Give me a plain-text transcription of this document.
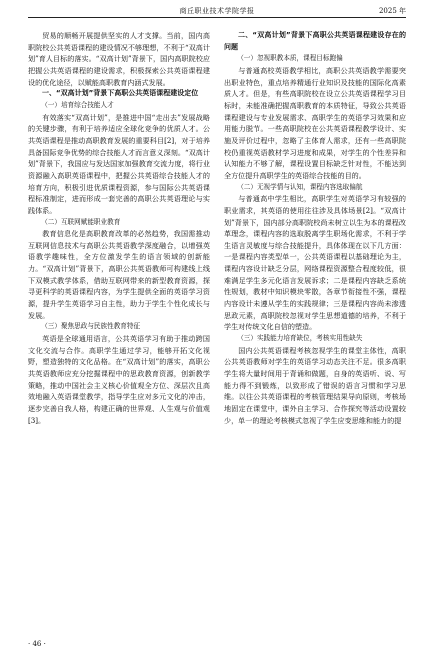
商丘职业技术学院学报	2025 年

贸易的顺畅开展提供坚实的人才支撑。当前，国内高职院校公共英语课程的建设情况不够理想，不利于“双高计划”育人目标的落实。“双高计划”背景下，国内高职院校应把握公共英语课程的建设需求，积极探索公共英语课程建设的优化途径，以赋能高职教育内涵式发展。

一、“双高计划”背景下高职公共英语课程建设定位

（一）培育综合技能人才

有效落实“双高计划”，是推进中国“走出去”发展战略的关键步骤，有利于培养适应全球化竞争的优质人才。公共英语课程是推动高职教育发展的重要科目[2]，对于培养具备国际竞争优势的综合技能人才而言意义深刻。“双高计划”背景下，我国应与发达国家加强教育交流力度，将行业资源融入高职英语课程中，把握公共英语综合技能人才的培育方向，积极引进优质课程资源，参与国际公共英语课程标准制定，进而形成一套完善的高职公共英语理论与实践体系。

（二）互联网赋能职业教育

教育信息化是高职教育改革的必然趋势，我国需推动互联网信息技术与高职公共英语教学深度融合，以增强英语教学趣味性，全方位激发学生的语言领域的创新能力。“双高计划”背景下，高职公共英语教师可构建线上线下双模式教学体系，借助互联网带来的新型教育资源，探寻更科学的英语课程内容，为学生提供全面的英语学习资源，提升学生英语学习自主性，助力于学生个性化成长与发展。

（三）聚焦思政与民族性教育特征

英语是全球通用语言，公共英语学习有助于推动跨国文化交流与合作。高职学生通过学习，能够开拓文化视野，塑造独特的文化品格。在“双高计划”的落实，高职公共英语教师应充分挖掘课程中的思政教育资源，创新教学策略，推动中国社会主义核心价值观全方位、深层次且高效地融入英语课堂教学，指导学生应对多元文化的冲击，逐步完善自我人格，构建正确的世界观、人生观与价值观[3]。

二、“双高计划”背景下高职公共英语课程建设存在的问题

（一）忽视职教本质，课程目标跑偏

与普通高校英语教学相比，高职公共英语教学需要突出职业特色，重点培养精通行业知识及技能的国际化高素质人才。但是，有些高职院校在设立公共英语课程学习目标时，未能准确把握高职教育的本质特征，导致公共英语课程建设与专业发展需求、高职学生的英语学习效果和应用能力脱节。一些高职院校在公共英语课程教学设计、实施及评价过程中，忽略了主体育人需求，还有一些高职院校仍重视英语教材学习进度和成果，对学生的个性差异和认知能力不够了解，课程设置目标缺乏针对性，不能达到全方位提升高职学生的英语综合技能的目的。

（二）无视学情与认知，课程内容选取偏航

与普通高中学生相比，高职学生对英语学习有较强的职业需求，其英语的使用往往涉及具体场景[2]。“双高计划”背景下，国内部分高职院校尚未树立以生为本的课程改革理念，课程内容的选取脱离学生职场化需求，不利于学生语言灵敏度与综合技能提升，具体体现在以下几方面：一是课程内容类型单一，公共英语课程以基础理论为主，课程内容设计缺乏分层，网络课程资源整合程度较低，很难满足学生多元化语言发展诉求；二是课程内容缺乏系统性规划，教材中知识模块零散，各章节衔接性不强，课程内容设计未遵从学生的实践规律；三是课程内容尚未渗透思政元素，高职院校忽视对学生思想道德的培养，不利于学生对传统文化自信的塑造。

（三）实践能力培育缺位，考核实用性缺失

国内公共英语课程考核忽视学生的课堂主体性，高职公共英语教师对学生的英语学习动态关注不足。很多高职学生将大量时间用于背诵和做题，自身的英语听、说、写能力得不到锻炼，以致形成了错误的语言习惯和学习思维。以往公共英语课程的考核管理结果导向原则，考核场地固定在课堂中，课外自主学习、合作探究等活动设置较少，单一的理论考核模式忽视了学生应变思维和能力的提

· 46 ·
